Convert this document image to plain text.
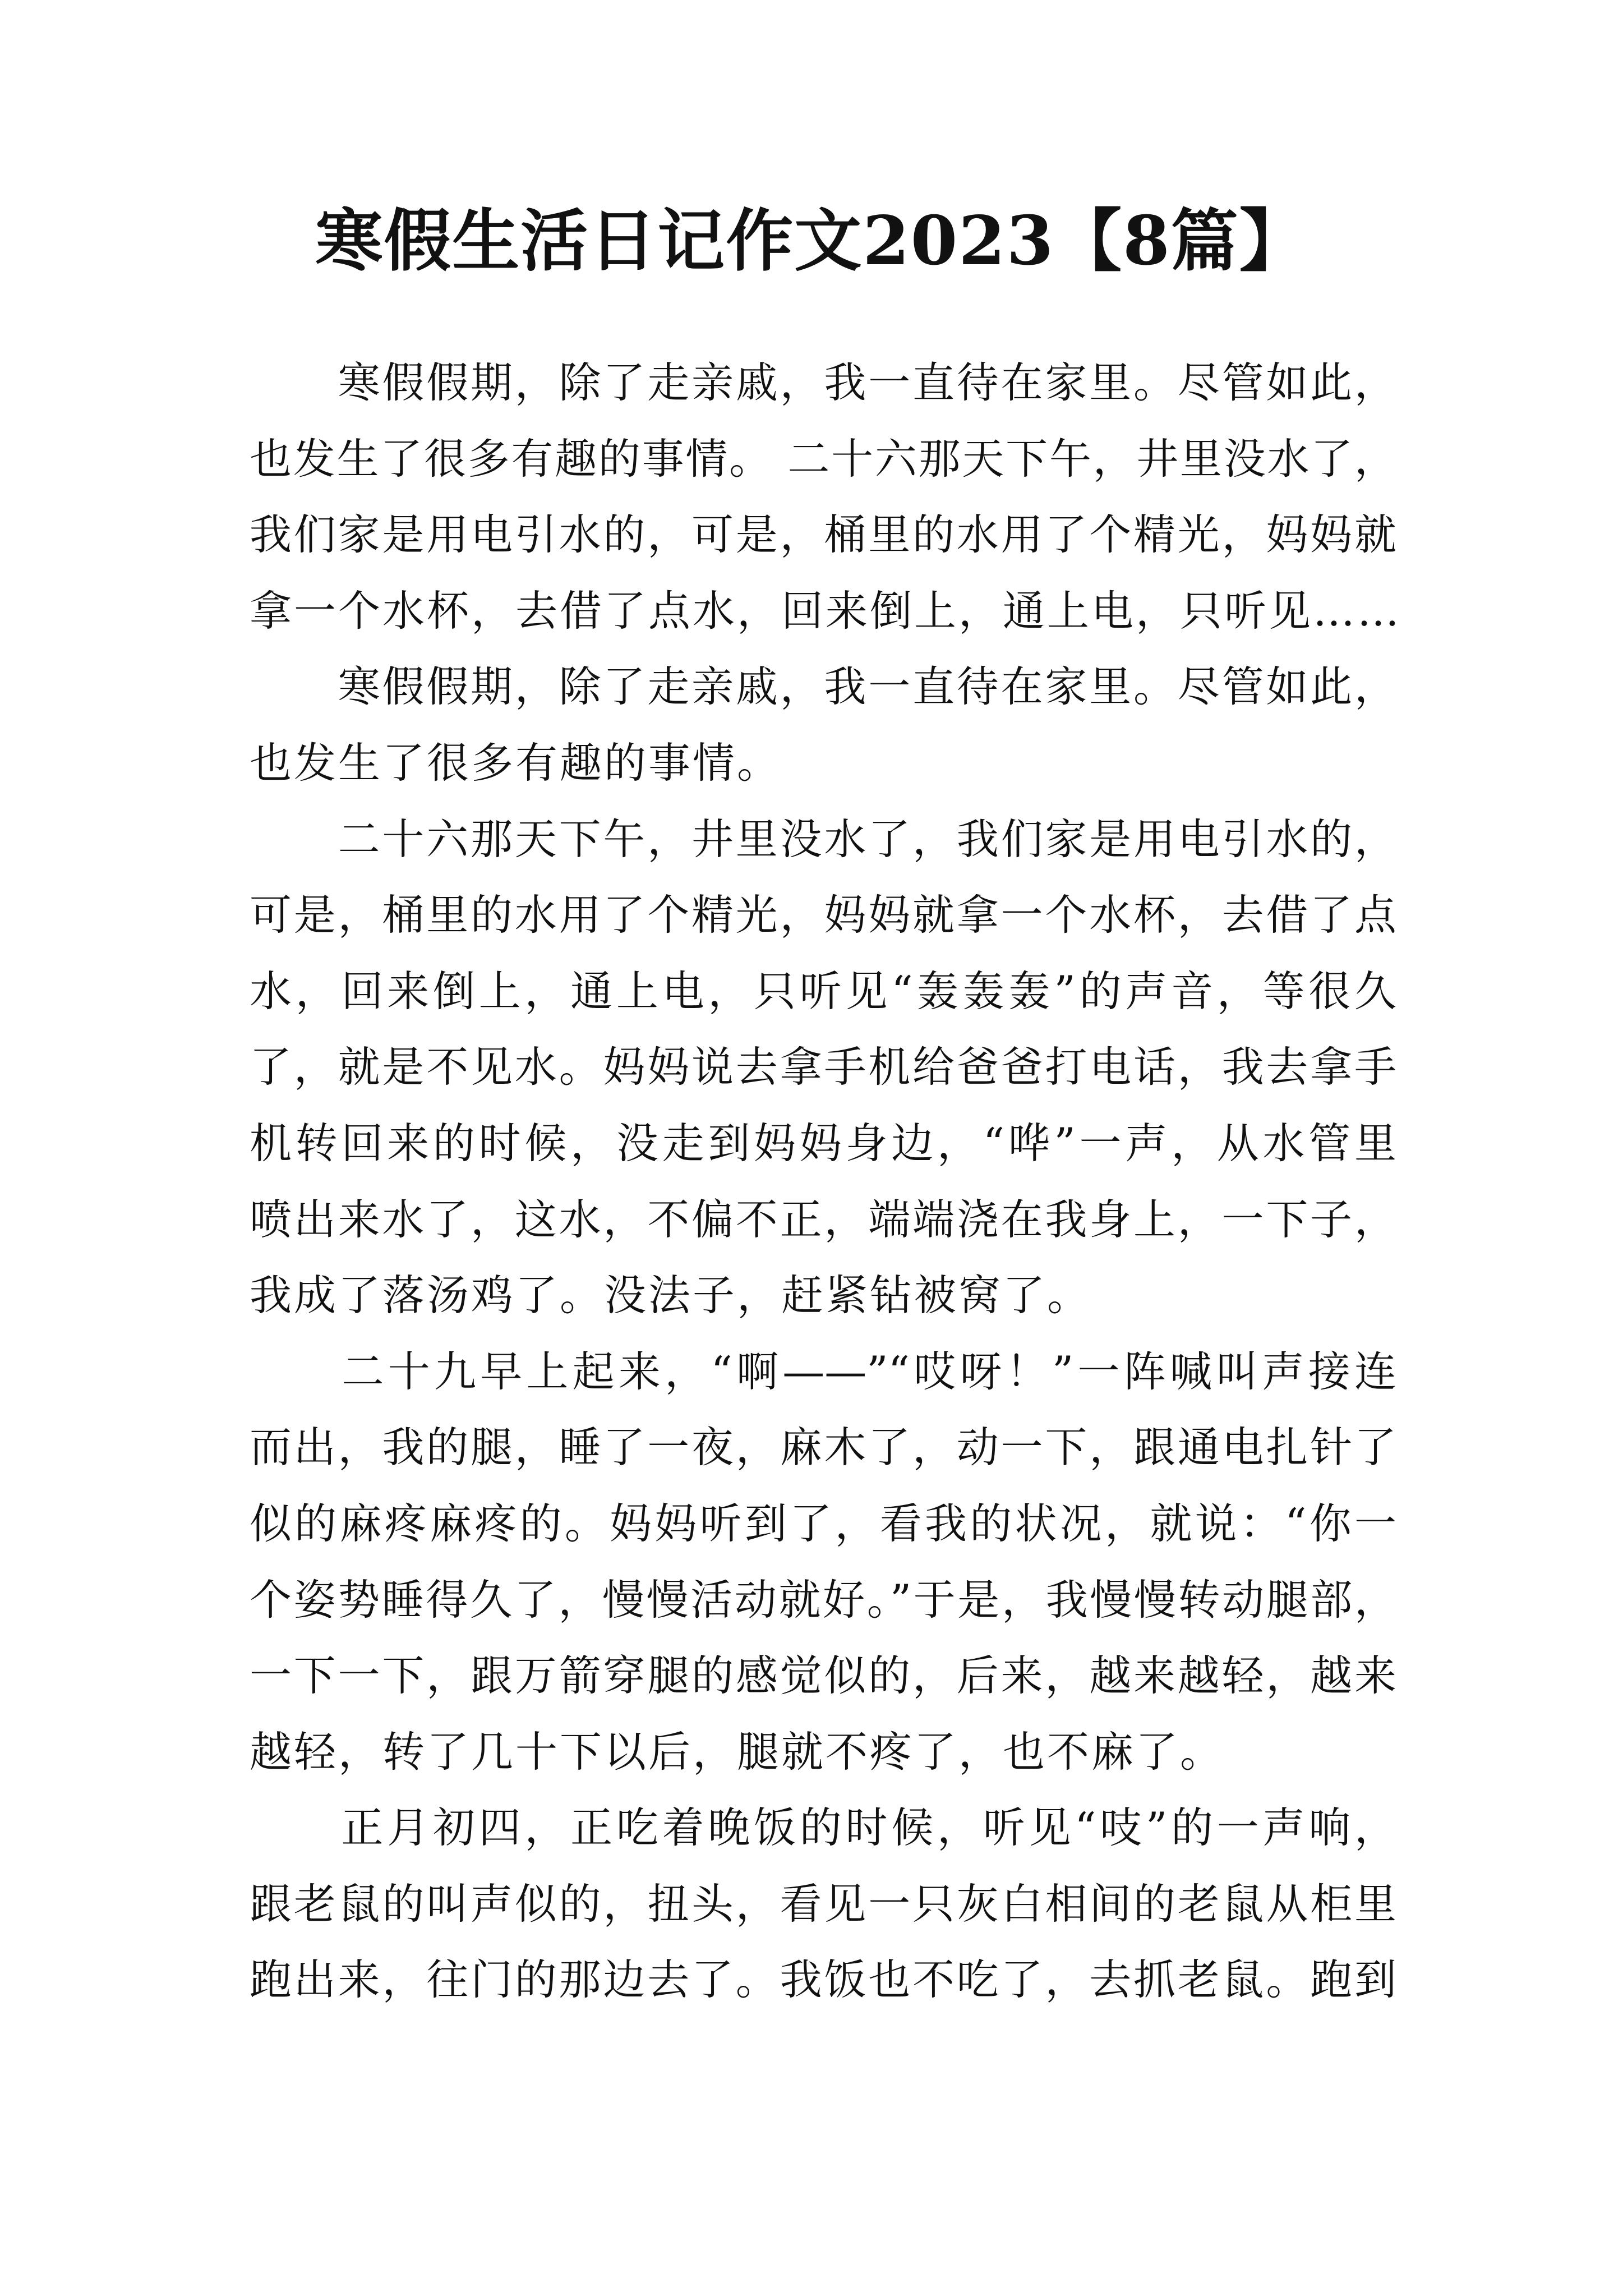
寒假生活日记作文2023【8篇】
　　寒假假期，除了走亲戚，我一直待在家里。尽管如此，
也发生了很多有趣的事情。 二十六那天下午，井里没水了，
我们家是用电引水的，可是，桶里的水用了个精光，妈妈就
拿一个水杯，去借了点水，回来倒上，通上电，只听见……
　　寒假假期，除了走亲戚，我一直待在家里。尽管如此，
也发生了很多有趣的事情。
　　二十六那天下午，井里没水了，我们家是用电引水的，
可是，桶里的水用了个精光，妈妈就拿一个水杯，去借了点
水，回来倒上，通上电，只听见“轰轰轰”的声音，等很久
了，就是不见水。妈妈说去拿手机给爸爸打电话，我去拿手
机转回来的时候，没走到妈妈身边，“哗”一声，从水管里
喷出来水了，这水，不偏不正，端端浇在我身上，一下子，
我成了落汤鸡了。没法子，赶紧钻被窝了。
　　二十九早上起来，“啊——”“哎呀！”一阵喊叫声接连
而出，我的腿，睡了一夜，麻木了，动一下，跟通电扎针了
似的麻疼麻疼的。妈妈听到了，看我的状况，就说：“你一
个姿势睡得久了，慢慢活动就好。”于是，我慢慢转动腿部，
一下一下，跟万箭穿腿的感觉似的，后来，越来越轻，越来
越轻，转了几十下以后，腿就不疼了，也不麻了。
　　正月初四，正吃着晚饭的时候，听见“吱”的一声响，
跟老鼠的叫声似的，扭头，看见一只灰白相间的老鼠从柜里
跑出来，往门的那边去了。我饭也不吃了，去抓老鼠。跑到
